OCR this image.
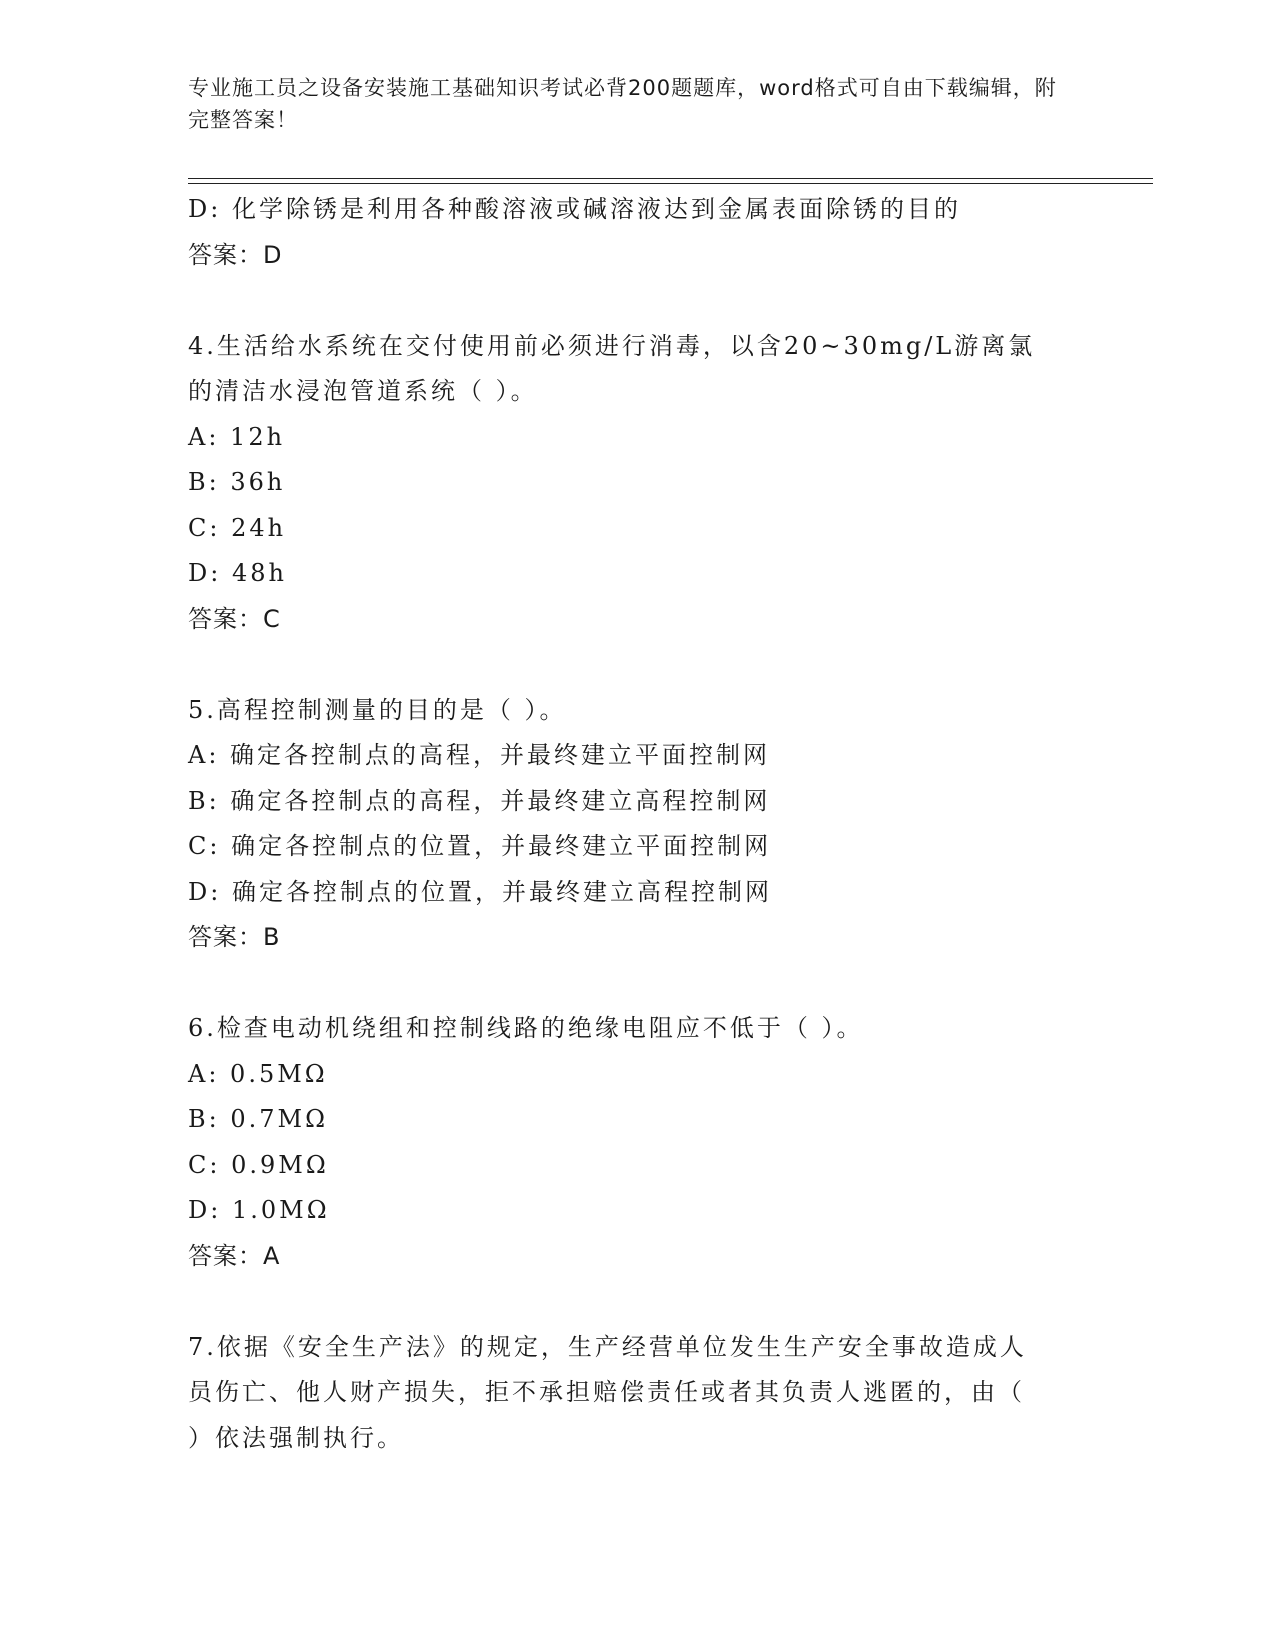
专业施工员之设备安装施工基础知识考试必背200题题库，word格式可自由下载编辑，附完整答案！
D: 化学除锈是利用各种酸溶液或碱溶液达到金属表面除锈的目的
答案：D
4.生活给水系统在交付使用前必须进行消毒，以含20~30mg/L游离氯的清洁水浸泡管道系统（ ）。
A: 12h
B: 36h
C: 24h
D: 48h
答案：C
5.高程控制测量的目的是（ ）。
A: 确定各控制点的高程，并最终建立平面控制网
B: 确定各控制点的高程，并最终建立高程控制网
C: 确定各控制点的位置，并最终建立平面控制网
D: 确定各控制点的位置，并最终建立高程控制网
答案：B
6.检查电动机绕组和控制线路的绝缘电阻应不低于（ ）。
A: 0.5MΩ
B: 0.7MΩ
C: 0.9MΩ
D: 1.0MΩ
答案：A
7.依据《安全生产法》的规定，生产经营单位发生生产安全事故造成人员伤亡、他人财产损失，拒不承担赔偿责任或者其负责人逃匿的，由（ ）依法强制执行。
